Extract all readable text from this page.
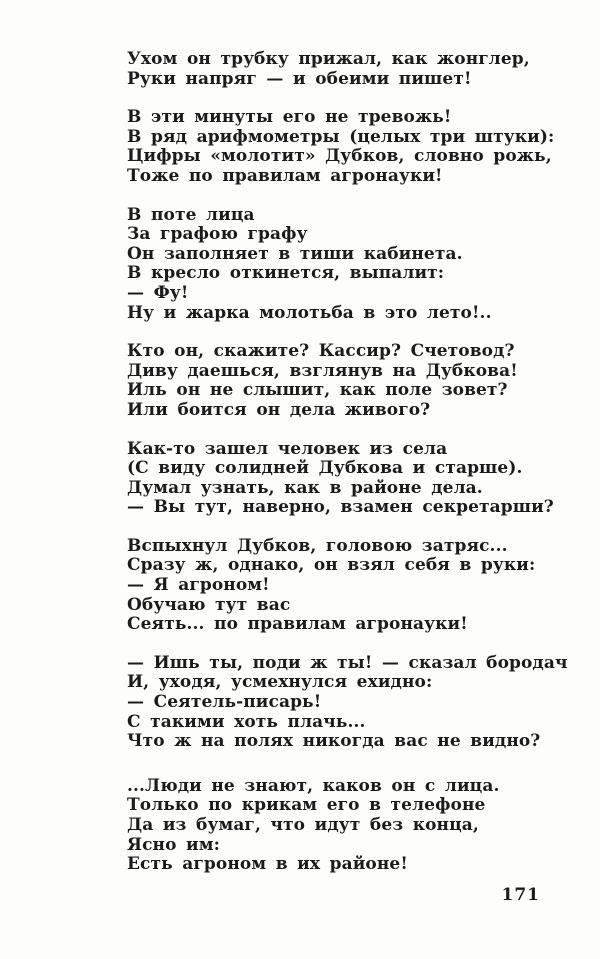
Ухом он трубку прижал, как жонглер,
Руки напряг — и обеими пишет!
В эти минуты его не тревожь!
В ряд арифмометры (целых три штуки):
Цифры «молотит» Дубков, словно рожь,
Тоже по правилам агронауки!
В поте лица
За графою графу
Он заполняет в тиши кабинета.
В кресло откинется, выпалит:
— Фу!
Ну и жарка молотьба в это лето!..
Кто он, скажите? Кассир? Счетовод?
Диву даешься, взглянув на Дубкова!
Иль он не слышит, как поле зовет?
Или боится он дела живого?
Как-то зашел человек из села
(С виду солидней Дубкова и старше).
Думал узнать, как в районе дела.
— Вы тут, наверно, взамен секретарши?
Вспыхнул Дубков, головою затряс...
Сразу ж, однако, он взял себя в руки:
— Я агроном!
Обучаю тут вас
Сеять... по правилам агронауки!
— Ишь ты, поди ж ты! — сказал бородач
И, уходя, усмехнулся ехидно:
— Сеятель-писарь!
С такими хоть плачь...
Что ж на полях никогда вас не видно?
...Люди не знают, каков он с лица.
Только по крикам его в телефоне
Да из бумаг, что идут без конца,
Ясно им:
Есть агроном в их районе!
171
